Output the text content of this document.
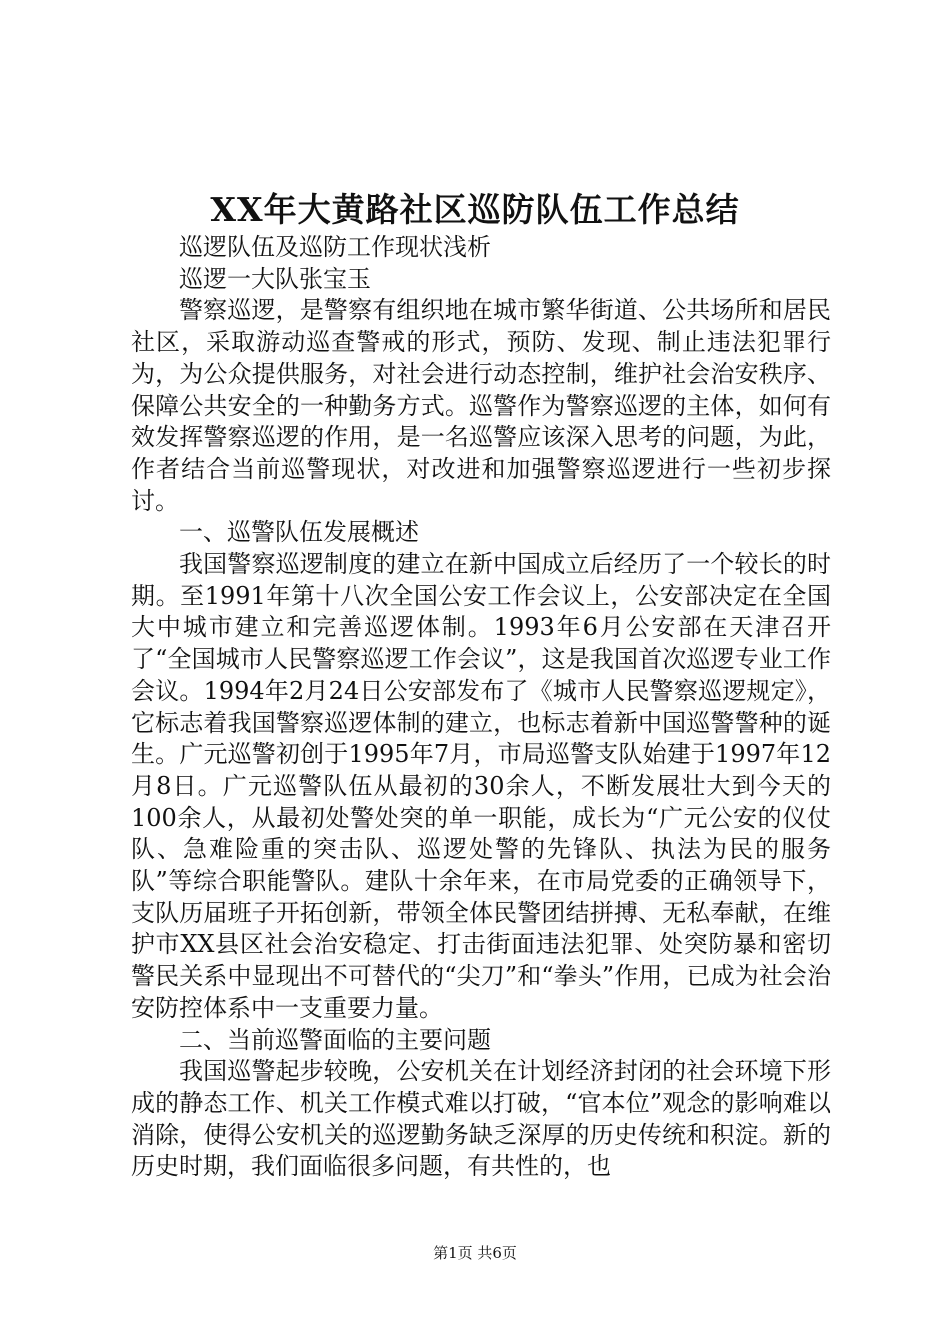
XX年大黄路社区巡防队伍工作总结

巡逻队伍及巡防工作现状浅析

巡逻一大队张宝玉

警察巡逻，是警察有组织地在城市繁华街道、公共场所和居民社区，采取游动巡查警戒的形式，预防、发现、制止违法犯罪行为，为公众提供服务，对社会进行动态控制，维护社会治安秩序、保障公共安全的一种勤务方式。巡警作为警察巡逻的主体，如何有效发挥警察巡逻的作用，是一名巡警应该深入思考的问题，为此，作者结合当前巡警现状，对改进和加强警察巡逻进行一些初步探讨。

一、巡警队伍发展概述

我国警察巡逻制度的建立在新中国成立后经历了一个较长的时期。至1991年第十八次全国公安工作会议上，公安部决定在全国大中城市建立和完善巡逻体制。1993年6月公安部在天津召开了“全国城市人民警察巡逻工作会议”，这是我国首次巡逻专业工作会议。1994年2月24日公安部发布了《城市人民警察巡逻规定》，它标志着我国警察巡逻体制的建立，也标志着新中国巡警警种的诞生。广元巡警初创于1995年7月，市局巡警支队始建于1997年12月8日。广元巡警队伍从最初的30余人，不断发展壮大到今天的100余人，从最初处警处突的单一职能，成长为“广元公安的仪仗队、急难险重的突击队、巡逻处警的先锋队、执法为民的服务队”等综合职能警队。建队十余年来，在市局党委的正确领导下，支队历届班子开拓创新，带领全体民警团结拼搏、无私奉献，在维护市XX县区社会治安稳定、打击街面违法犯罪、处突防暴和密切警民关系中显现出不可替代的“尖刀”和“拳头”作用，已成为社会治安防控体系中一支重要力量。

二、当前巡警面临的主要问题

我国巡警起步较晚，公安机关在计划经济封闭的社会环境下形成的静态工作、机关工作模式难以打破，“官本位”观念的影响难以消除，使得公安机关的巡逻勤务缺乏深厚的历史传统和积淀。新的历史时期，我们面临很多问题，有共性的，也

第1页 共6页
